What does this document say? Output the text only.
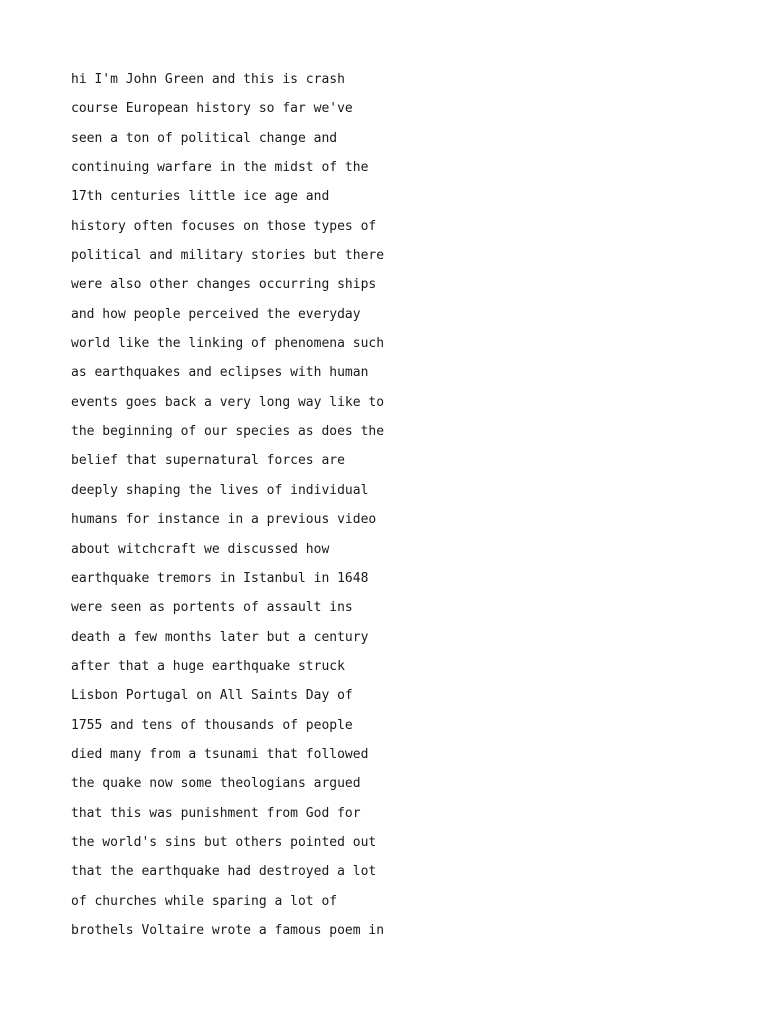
hi I'm John Green and this is crash
course European history so far we've
seen a ton of political change and
continuing warfare in the midst of the
17th centuries little ice age and
history often focuses on those types of
political and military stories but there
were also other changes occurring ships
and how people perceived the everyday
world like the linking of phenomena such
as earthquakes and eclipses with human
events goes back a very long way like to
the beginning of our species as does the
belief that supernatural forces are
deeply shaping the lives of individual
humans for instance in a previous video
about witchcraft we discussed how
earthquake tremors in Istanbul in 1648
were seen as portents of assault ins
death a few months later but a century
after that a huge earthquake struck
Lisbon Portugal on All Saints Day of
1755 and tens of thousands of people
died many from a tsunami that followed
the quake now some theologians argued
that this was punishment from God for
the world's sins but others pointed out
that the earthquake had destroyed a lot
of churches while sparing a lot of
brothels Voltaire wrote a famous poem in
